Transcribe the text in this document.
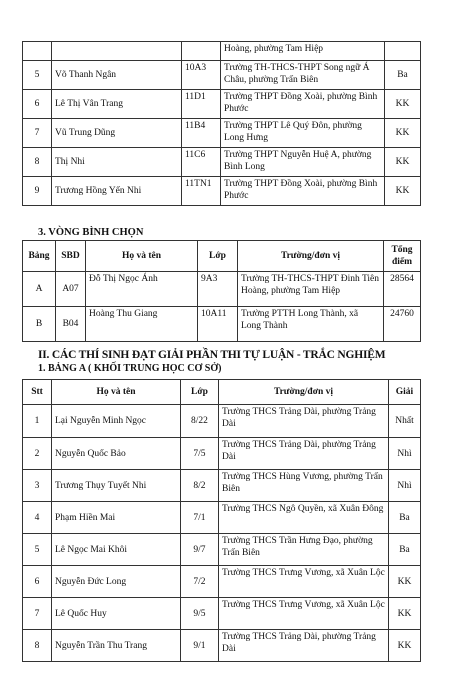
			Hoàng, phường Tam Hiệp	
5	Võ Thanh Ngân	10A3	Trường TH-THCS-THPT Song ngữ Á Châu, phường Trấn Biên	Ba
6	Lê Thị Vân Trang	11D1	Trường THPT Đồng Xoài, phường Bình Phước	KK
7	Vũ Trung Dũng	11B4	Trường THPT Lê Quý Đôn, phường Long Hưng	KK
8	Thị Nhi	11C6	Trường THPT Nguyễn Huệ A, phường Bình Long	KK
9	Trương Hồng Yến Nhi	11TN1	Trường THPT Đồng Xoài, phường Bình Phước	KK
3. VÒNG BÌNH CHỌN
Bảng	SBD	Họ và tên	Lớp	Trường/đơn vị	Tổng điểm
A	A07	Đỗ Thị Ngọc Ánh	9A3	Trường TH-THCS-THPT Đinh Tiên Hoàng, phường Tam Hiệp	28564
B	B04	Hoàng Thu Giang	10A11	Trường PTTH Long Thành, xã Long Thành	24760
II. CÁC THÍ SINH ĐẠT GIẢI PHẦN THI TỰ LUẬN - TRẮC NGHIỆM
1. BẢNG A ( KHỐI TRUNG HỌC CƠ SỞ)
Stt	Họ và tên	Lớp	Trường/đơn vị	Giải
1	Lại Nguyễn Minh Ngọc	8/22	Trường THCS Trảng Dài, phường Trảng Dài	Nhất
2	Nguyễn Quốc Bảo	7/5	Trường THCS Trảng Dài, phường Trảng Dài	Nhì
3	Trương Thụy Tuyết Nhi	8/2	Trường THCS Hùng Vương, phường Trấn Biên	Nhì
4	Phạm Hiền Mai	7/1	Trường THCS Ngô Quyền, xã Xuân Đông	Ba
5	Lê Ngọc Mai Khôi	9/7	Trường THCS Trần Hưng Đạo, phường Trấn Biên	Ba
6	Nguyễn Đức Long	7/2	Trường THCS Trưng Vương, xã Xuân Lộc	KK
7	Lê Quốc Huy	9/5	Trường THCS Trưng Vương, xã Xuân Lộc	KK
8	Nguyễn Trần Thu Trang	9/1	Trường THCS Trảng Dài, phường Trảng Dài	KK
